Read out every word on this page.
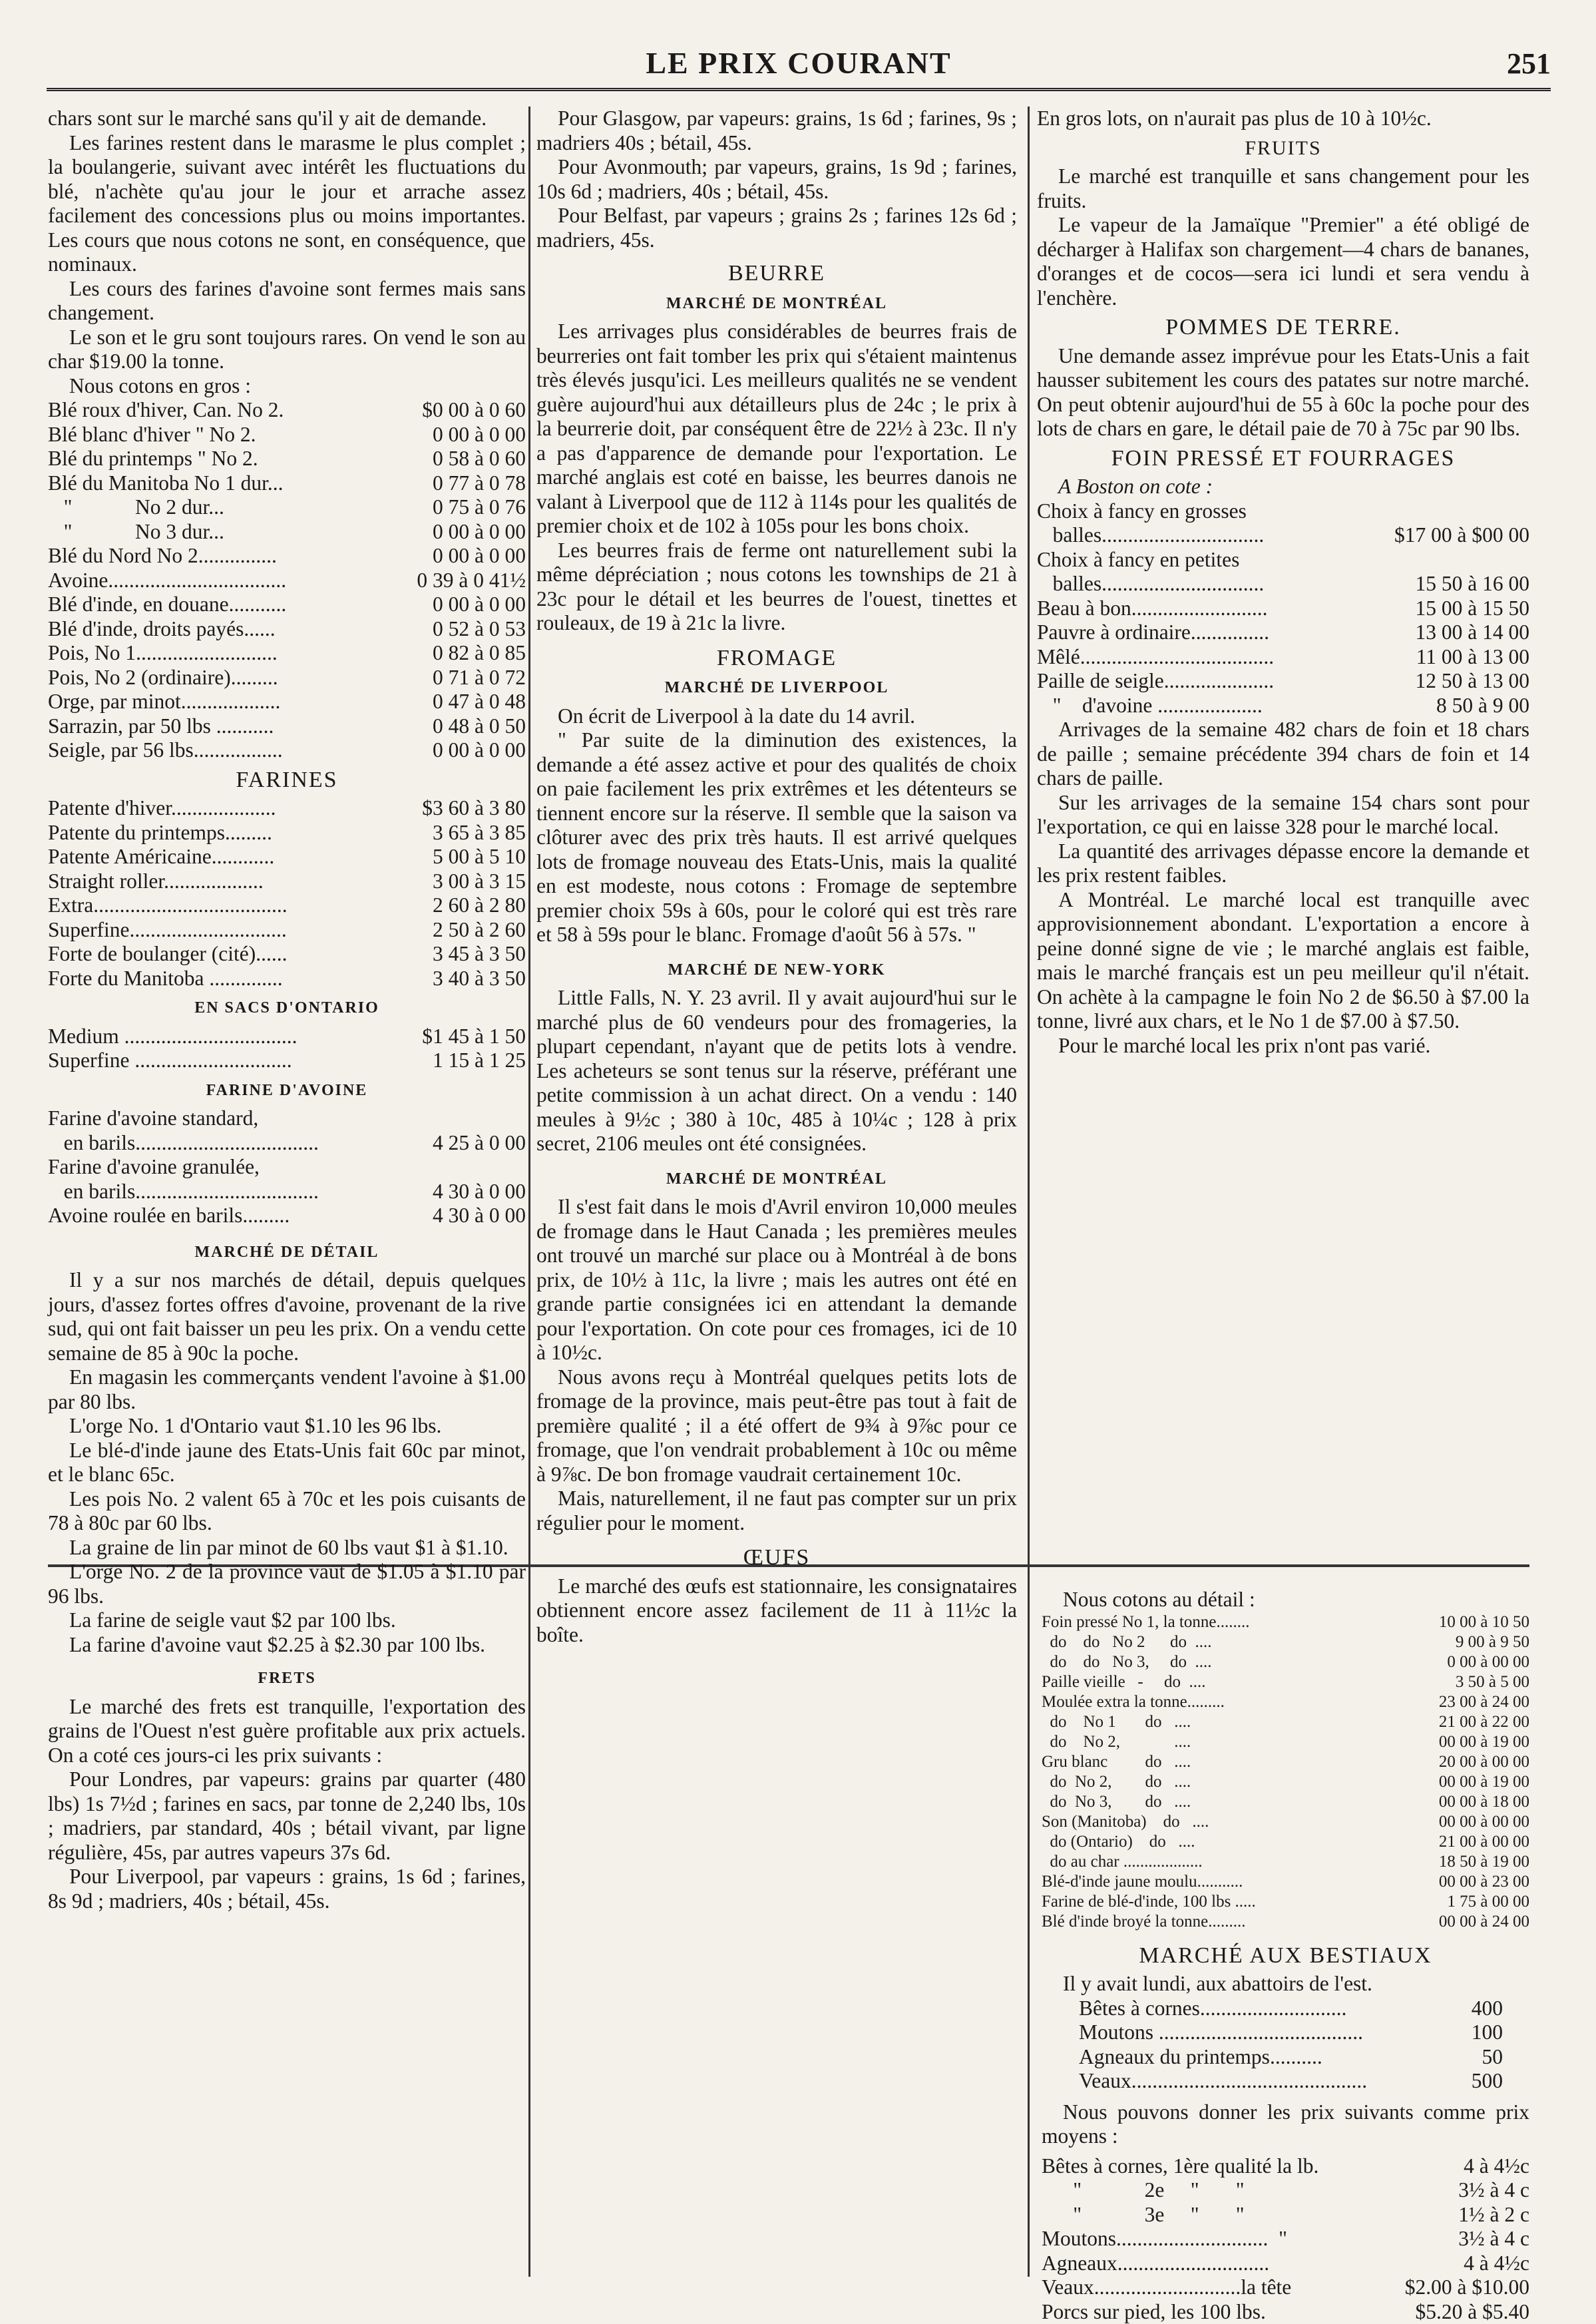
LE PRIX COURANT	251

chars sont sur le marché sans qu'il y ait de demande.

Les farines restent dans le marasme le plus complet ; la boulangerie, suivant avec intérêt les fluctuations du blé, n'achète qu'au jour le jour et arrache assez facilement des concessions plus ou moins importantes. Les cours que nous cotons ne sont, en conséquence, que nominaux.

Les cours des farines d'avoine sont fermes mais sans changement.

Le son et le gru sont toujours rares. On vend le son au char $19.00 la tonne.

Nous cotons en gros :

Blé roux d'hiver, Can. No 2.	$0 00 à 0 60
Blé blanc d'hiver " No 2.	0 00 à 0 00
Blé du printemps " No 2.	0 58 à 0 60
Blé du Manitoba No 1 dur...	0 77 à 0 78
"            No 2 dur...	0 75 à 0 76
"            No 3 dur...	0 00 à 0 00
Blé du Nord No 2...............	0 00 à 0 00
Avoine..................................	0 39 à 0 41½
Blé d'inde, en douane...........	0 00 à 0 00
Blé d'inde, droits payés......	0 52 à 0 53
Pois, No 1...........................	0 82 à 0 85
Pois, No 2 (ordinaire).........	0 71 à 0 72
Orge, par minot...................	0 47 à 0 48
Sarrazin, par 50 lbs ...........	0 48 à 0 50
Seigle, par 56 lbs.................	0 00 à 0 00
FARINES
Patente d'hiver....................	$3 60 à 3 80
Patente du printemps.........	3 65 à 3 85
Patente Américaine............	5 00 à 5 10
Straight roller...................	3 00 à 3 15
Extra.....................................	2 60 à 2 80
Superfine..............................	2 50 à 2 60
Forte de boulanger (cité)......	3 45 à 3 50
Forte du Manitoba ..............	3 40 à 3 50
EN SACS D'ONTARIO
Medium .................................	$1 45 à 1 50
Superfine ..............................	1 15 à 1 25
FARINE D'AVOINE
Farine d'avoine standard,
en barils...................................	4 25 à 0 00
Farine d'avoine granulée,
en barils...................................	4 30 à 0 00
Avoine roulée en barils.........	4 30 à 0 00
MARCHÉ DE DÉTAIL

Il y a sur nos marchés de détail, depuis quelques jours, d'assez fortes offres d'avoine, provenant de la rive sud, qui ont fait baisser un peu les prix. On a vendu cette semaine de 85 à 90c la poche.

En magasin les commerçants vendent l'avoine à $1.00 par 80 lbs.

L'orge No. 1 d'Ontario vaut $1.10 les 96 lbs.

Le blé-d'inde jaune des Etats-Unis fait 60c par minot, et le blanc 65c.

Les pois No. 2 valent 65 à 70c et les pois cuisants de 78 à 80c par 60 lbs.

La graine de lin par minot de 60 lbs vaut $1 à $1.10.

L'orge No. 2 de la province vaut de $1.05 à $1.10 par 96 lbs.

La farine de seigle vaut $2 par 100 lbs.

La farine d'avoine vaut $2.25 à $2.30 par 100 lbs.

FRETS

Le marché des frets est tranquille, l'exportation des grains de l'Ouest n'est guère profitable aux prix actuels. On a coté ces jours-ci les prix suivants :

Pour Londres, par vapeurs: grains par quarter (480 lbs) 1s 7½d ; farines en sacs, par tonne de 2,240 lbs, 10s ; madriers, par standard, 40s ; bétail vivant, par ligne régulière, 45s, par autres vapeurs 37s 6d.

Pour Liverpool, par vapeurs : grains, 1s 6d ; farines, 8s 9d ; madriers, 40s ; bétail, 45s.

Pour Glasgow, par vapeurs: grains, 1s 6d ; farines, 9s ; madriers 40s ; bétail, 45s.

Pour Avonmouth; par vapeurs, grains, 1s 9d ; farines, 10s 6d ; madriers, 40s ; bétail, 45s.

Pour Belfast, par vapeurs ; grains 2s ; farines 12s 6d ; madriers, 45s.

BEURRE
MARCHÉ DE MONTRÉAL

Les arrivages plus considérables de beurres frais de beurreries ont fait tomber les prix qui s'étaient maintenus très élevés jusqu'ici. Les meilleurs qualités ne se vendent guère aujourd'hui aux détailleurs plus de 24c ; le prix à la beurrerie doit, par conséquent être de 22½ à 23c. Il n'y a pas d'apparence de demande pour l'exportation. Le marché anglais est coté en baisse, les beurres danois ne valant à Liverpool que de 112 à 114s pour les qualités de premier choix et de 102 à 105s pour les bons choix.

Les beurres frais de ferme ont naturellement subi la même dépréciation ; nous cotons les townships de 21 à 23c pour le détail et les beurres de l'ouest, tinettes et rouleaux, de 19 à 21c la livre.

FROMAGE
MARCHÉ DE LIVERPOOL

On écrit de Liverpool à la date du 14 avril.

" Par suite de la diminution des existences, la demande a été assez active et pour des qualités de choix on paie facilement les prix extrêmes et les détenteurs se tiennent encore sur la réserve. Il semble que la saison va clôturer avec des prix très hauts. Il est arrivé quelques lots de fromage nouveau des Etats-Unis, mais la qualité en est modeste, nous cotons : Fromage de septembre premier choix 59s à 60s, pour le coloré qui est très rare et 58 à 59s pour le blanc. Fromage d'août 56 à 57s. "

MARCHÉ DE NEW-YORK

Little Falls, N. Y. 23 avril. Il y avait aujourd'hui sur le marché plus de 60 vendeurs pour des fromageries, la plupart cependant, n'ayant que de petits lots à vendre. Les acheteurs se sont tenus sur la réserve, préférant une petite commission à un achat direct. On a vendu : 140 meules à 9½c ; 380 à 10c, 485 à 10¼c ; 128 à prix secret, 2106 meules ont été consignées.

MARCHÉ DE MONTRÉAL

Il s'est fait dans le mois d'Avril environ 10,000 meules de fromage dans le Haut Canada ; les premières meules ont trouvé un marché sur place ou à Montréal à de bons prix, de 10½ à 11c, la livre ; mais les autres ont été en grande partie consignées ici en attendant la demande pour l'exportation. On cote pour ces fromages, ici de 10 à 10½c.

Nous avons reçu à Montréal quelques petits lots de fromage de la province, mais peut-être pas tout à fait de première qualité ; il a été offert de 9¾ à 9⅞c pour ce fromage, que l'on vendrait probablement à 10c ou même à 9⅞c. De bon fromage vaudrait certainement 10c.

Mais, naturellement, il ne faut pas compter sur un prix régulier pour le moment.

ŒUFS

Le marché des œufs est stationnaire, les consignataires obtiennent encore assez facilement de 11 à 11½c la boîte.

En gros lots, on n'aurait pas plus de 10 à 10½c.

FRUITS

Le marché est tranquille et sans changement pour les fruits.

Le vapeur de la Jamaïque "Premier" a été obligé de décharger à Halifax son chargement—4 chars de bananes, d'oranges et de cocos—sera ici lundi et sera vendu à l'enchère.

POMMES DE TERRE.

Une demande assez imprévue pour les Etats-Unis a fait hausser subitement les cours des patates sur notre marché. On peut obtenir aujourd'hui de 55 à 60c la poche pour des lots de chars en gare, le détail paie de 70 à 75c par 90 lbs.

FOIN PRESSÉ ET FOURRAGES

A Boston on cote :

Choix à fancy en grosses
balles...............................	$17 00 à $00 00
Choix à fancy en petites
balles...............................	15 50 à 16 00
Beau à bon..........................	15 00 à 15 50
Pauvre à ordinaire...............	13 00 à 14 00
Mêlé.....................................	11 00 à 13 00
Paille de seigle.....................	12 50 à 13 00
"    d'avoine ....................	8 50 à 9 00

Arrivages de la semaine 482 chars de foin et 18 chars de paille ; semaine précédente 394 chars de foin et 14 chars de paille.

Sur les arrivages de la semaine 154 chars sont pour l'exportation, ce qui en laisse 328 pour le marché local.

La quantité des arrivages dépasse encore la demande et les prix restent faibles.

A Montréal. Le marché local est tranquille avec approvisionnement abondant. L'exportation a encore à peine donné signe de vie ; le marché anglais est faible, mais le marché français est un peu meilleur qu'il n'était. On achète à la campagne le foin No 2 de $6.50 à $7.00 la tonne, livré aux chars, et le No 1 de $7.00 à $7.50.

Pour le marché local les prix n'ont pas varié.

Nous cotons au détail :

Foin pressé No 1, la tonne........	10 00 à 10 50
do    do   No 2      do  ....	9 00 à 9 50
do    do   No 3,     do  ....	0 00 à 00 00
Paille vieille   -     do  ....	3 50 à 5 00
Moulée extra la tonne.........	23 00 à 24 00
do    No 1       do   ....	21 00 à 22 00
do    No 2,             ....	00 00 à 19 00
Gru blanc         do   ....	20 00 à 00 00
do  No 2,        do   ....	00 00 à 19 00
do  No 3,        do   ....	00 00 à 18 00
Son (Manitoba)    do   ....	00 00 à 00 00
do (Ontario)    do   ....	21 00 à 00 00
do au char ...................	18 50 à 19 00
Blé-d'inde jaune moulu...........	00 00 à 23 00
Farine de blé-d'inde, 100 lbs .....	1 75 à 00 00
Blé d'inde broyé la tonne.........	00 00 à 24 00
MARCHÉ AUX BESTIAUX

Il y avait lundi, aux abattoirs de l'est.

Bêtes à cornes............................	400
Moutons .......................................	100
Agneaux du printemps..........	50
Veaux.............................................	500

Nous pouvons donner les prix suivants comme prix moyens :

Bêtes à cornes, 1ère qualité la lb.	4 à 4½c
"            2e     "       "	3½ à 4 c
"            3e     "       "	1½ à 2 c
Moutons.............................  "	3½ à 4 c
Agneaux.............................	4 à 4½c
Veaux............................la tête	$2.00 à $10.00
Porcs sur pied, les 100 lbs.	$5.20 à $5.40
